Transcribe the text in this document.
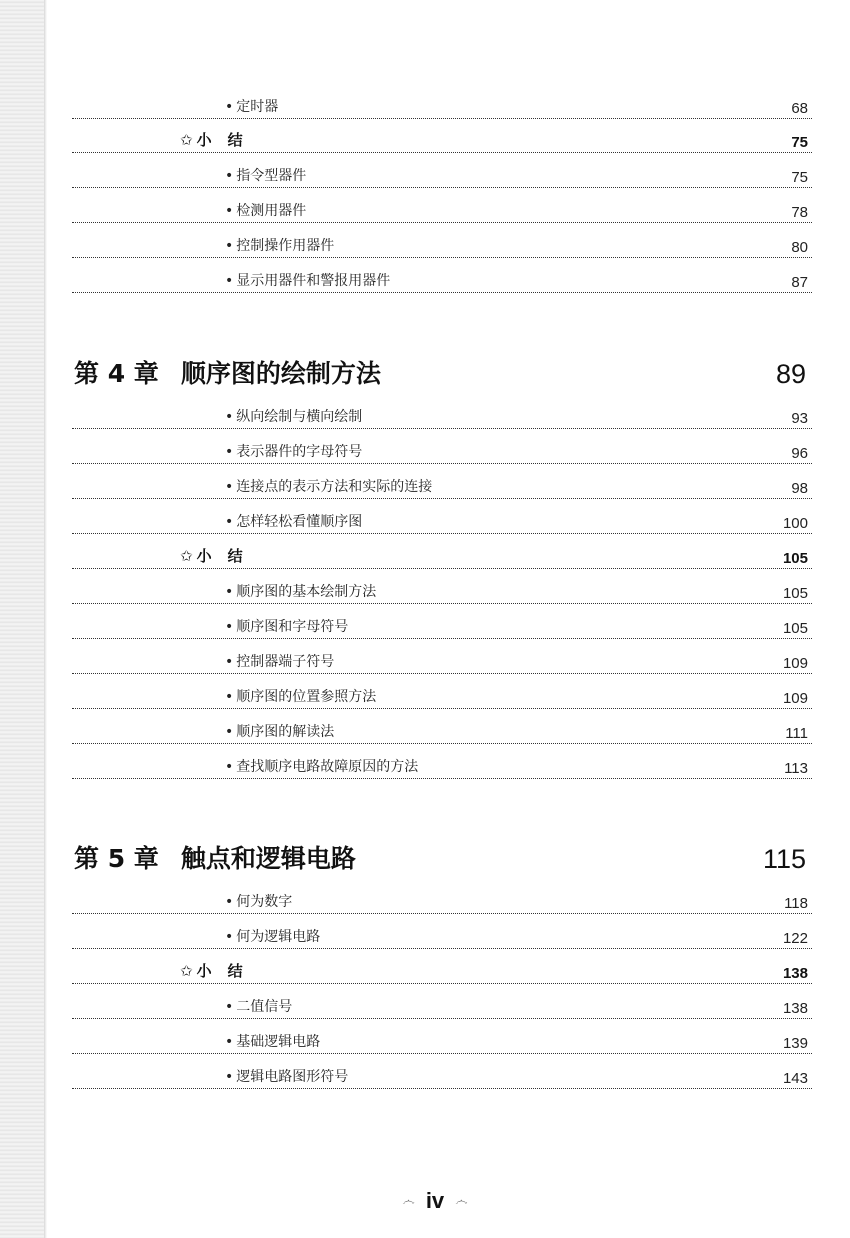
• 定时器	68
✩ 小 结	75
• 指令型器件	75
• 检测用器件	78
• 控制操作用器件	80
• 显示用器件和警报用器件	87
第 4 章 顺序图的绘制方法	89
• 纵向绘制与横向绘制	93
• 表示器件的字母符号	96
• 连接点的表示方法和实际的连接	98
• 怎样轻松看懂顺序图	100
✩ 小 结	105
• 顺序图的基本绘制方法	105
• 顺序图和字母符号	105
• 控制器端子符号	109
• 顺序图的位置参照方法	109
• 顺序图的解读法	111
• 查找顺序电路故障原因的方法	113
第 5 章 触点和逻辑电路	115
• 何为数字	118
• 何为逻辑电路	122
✩ 小 结	138
• 二值信号	138
• 基础逻辑电路	139
• 逻辑电路图形符号	143
෴ iv ෴
